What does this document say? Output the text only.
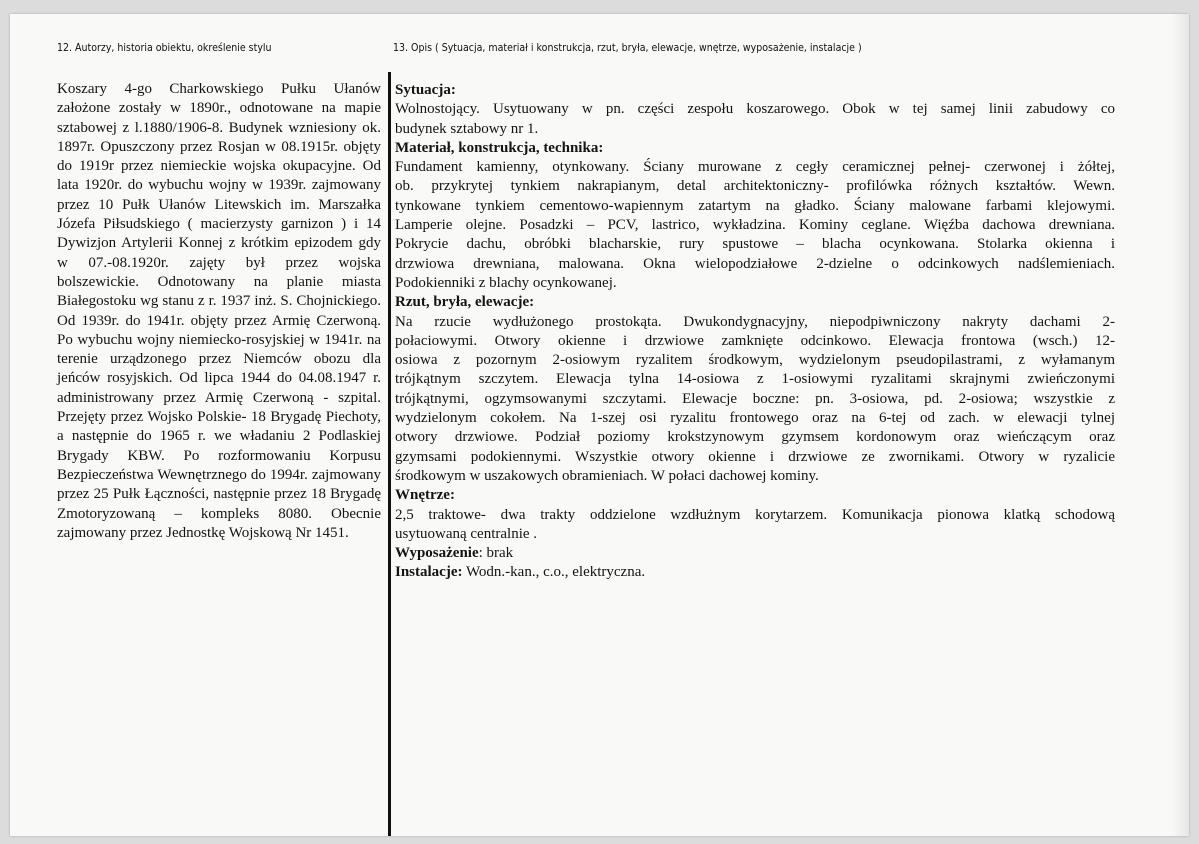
12. Autorzy, historia obiektu, określenie stylu	13. Opis ( Sytuacja, materiał i konstrukcja, rzut, bryła, elewacje, wnętrze, wyposażenie, instalacje )

Koszary 4-go Charkowskiego Pułku Ułanów założone zostały w 1890r., odnotowane na mapie sztabowej z l.1880/1906-8. Budynek wzniesiony ok. 1897r. Opuszczony przez Rosjan w 08.1915r. objęty do 1919r przez niemieckie wojska okupacyjne. Od lata 1920r. do wybuchu wojny w 1939r. zajmowany przez 10 Pułk Ułanów Litewskich im. Marszałka Józefa Piłsudskiego ( macierzysty garnizon ) i 14 Dywizjon Artylerii Konnej z krótkim epizodem gdy w 07.-08.1920r. zajęty był przez wojska bolszewickie. Odnotowany na planie miasta Białegostoku wg stanu z r. 1937 inż. S. Chojnickiego. Od 1939r. do 1941r. objęty przez Armię Czerwoną. Po wybuchu wojny niemiecko-rosyjskiej w 1941r. na terenie urządzonego przez Niemców obozu dla jeńców rosyjskich. Od lipca 1944 do 04.08.1947 r. administrowany przez Armię Czerwoną - szpital. Przejęty przez Wojsko Polskie- 18 Brygadę Piechoty, a następnie do 1965 r. we władaniu 2 Podlaskiej Brygady KBW. Po rozformowaniu Korpusu Bezpieczeństwa Wewnętrznego do 1994r. zajmowany przez 25 Pułk Łączności, następnie przez 18 Brygadę Zmotoryzowaną – kompleks 8080. Obecnie zajmowany przez Jednostkę Wojskową Nr 1451.

Sytuacja:
Wolnostojący. Usytuowany w pn. części zespołu koszarowego. Obok w tej samej linii zabudowy co
budynek sztabowy nr 1.
Materiał, konstrukcja, technika:
Fundament kamienny, otynkowany. Ściany murowane z cegły ceramicznej pełnej- czerwonej i żółtej,
ob. przykrytej tynkiem nakrapianym, detal architektoniczny- profilówka różnych kształtów. Wewn.
tynkowane tynkiem cementowo-wapiennym zatartym na gładko. Ściany malowane farbami klejowymi.
Lamperie olejne. Posadzki – PCV, lastrico, wykładzina. Kominy ceglane. Więźba dachowa drewniana.
Pokrycie dachu, obróbki blacharskie, rury spustowe – blacha ocynkowana. Stolarka okienna i
drzwiowa drewniana, malowana. Okna wielopodziałowe 2-dzielne o odcinkowych nadślemieniach.
Podokienniki z blachy ocynkowanej.
Rzut, bryła, elewacje:
Na rzucie wydłużonego prostokąta. Dwukondygnacyjny, niepodpiwniczony nakryty dachami 2-
połaciowymi. Otwory okienne i drzwiowe zamknięte odcinkowo. Elewacja frontowa (wsch.) 12-
osiowa z pozornym 2-osiowym ryzalitem środkowym, wydzielonym pseudopilastrami, z wyłamanym
trójkątnym szczytem. Elewacja tylna 14-osiowa z 1-osiowymi ryzalitami skrajnymi zwieńczonymi
trójkątnymi, ogzymsowanymi szczytami. Elewacje boczne: pn. 3-osiowa, pd. 2-osiowa; wszystkie z
wydzielonym cokołem. Na 1-szej osi ryzalitu frontowego oraz na 6-tej od zach. w elewacji tylnej
otwory drzwiowe. Podział poziomy krokstzynowym gzymsem kordonowym oraz wieńczącym oraz
gzymsami podokiennymi. Wszystkie otwory okienne i drzwiowe ze zwornikami. Otwory w ryzalicie
środkowym w uszakowych obramieniach. W połaci dachowej kominy.
Wnętrze:
2,5 traktowe- dwa trakty oddzielone wzdłużnym korytarzem. Komunikacja pionowa klatką schodową
usytuowaną centralnie .
Wyposażenie: brak
Instalacje: Wodn.-kan., c.o., elektryczna.
